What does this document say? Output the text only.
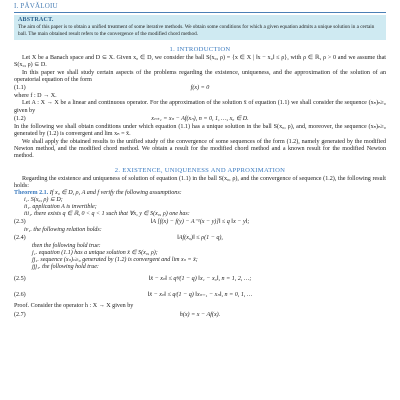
I. PĂVĂLOIU
ABSTRACT.
The aim of this paper is to obtain a unified treatment of some iterative methods. We obtain some conditions for which a given equation admits a unique solution in a certain ball. The main obtained result refers to the convergence of the modified chord method.
1. INTRODUCTION

Let X be a Banach space and D ⊆ X. Given x₀ ∈ D, we consider the ball S(x₀, ρ) = {x ∈ X | ‖x − x₀‖ ≤ ρ}, with ρ ∈ ℝ, ρ > 0 and we assume that S(x₀, ρ) ⊆ D.

In this paper we shall study certain aspects of the problems regarding the existence, uniqueness, and the approximation of the solution of an operatorial equation of the form

(1.1)	f(x) = 0

where f : D → X.

Let A : X → X be a linear and continuous operator. For the approximation of the solution x̄ of equation (1.1) we shall consider the sequence (xₙ)ₙ≥₀ given by

(1.2)	xₙ₊₁ = xₙ − Af(xₙ), n = 0, 1, …, x₀ ∈ D.

In the following we shall obtain conditions under which equation (1.1) has a unique solution in the ball S(x₀, ρ), and, moreover, the sequence (xₙ)ₙ≥₀ generated by (1.2) is convergent and lim xₙ = x̄.

We shall apply the obtained results to the unified study of the convergence of some sequences of the form (1.2), namely generated by the modified Newton method, and the modified chord method. We obtain a result for the modified chord method and a known result for the modified Newton method.

2. EXISTENCE, UNIQUENESS AND APPROXIMATION

Regarding the existence and uniqueness of solution of equation (1.1) in the ball S(x₀, ρ), and the convergence of sequence (1.2), the following result holds:

Theorem 2.1. If x₀ ∈ D, ρ, A and f verify the following assumptions:
i₁. S(x₀, ρ) ⊆ D;
ii₁. application A is invertible;
iii₁. there exists q ∈ ℝ, 0 < q < 1 such that ∀x, y ∈ S(x₀, ρ) one has:
(2.3)	‖A [f(x) − f(y) − A⁻¹(x − y)]‖ ≤ q ‖x − y‖;
iv₁. the following relation holds:
(2.4)	‖Af(x₀)‖ ≤ ρ(1 − q),
then the following hold true:
j₁. equation (1.1) has a unique solution x̄ ∈ S(x₀, ρ);
jj₁. sequence (xₙ)ₙ≥₀ generated by (1.2) is convergent and lim xₙ = x̄;
jjj₁. the following hold true:
(2.5)	‖x̄ − xₙ‖ ≤ qⁿ⁄(1 − q) ‖x₁ − x₀‖, n = 1, 2, …;
(2.6)	‖x̄ − xₙ‖ ≤ q⁄(1 − q) ‖xₙ₋₁ − xₙ‖, n = 0, 1, …

Proof. Consider the operator h : X → X given by

(2.7)	h(x) = x − Af(x).
